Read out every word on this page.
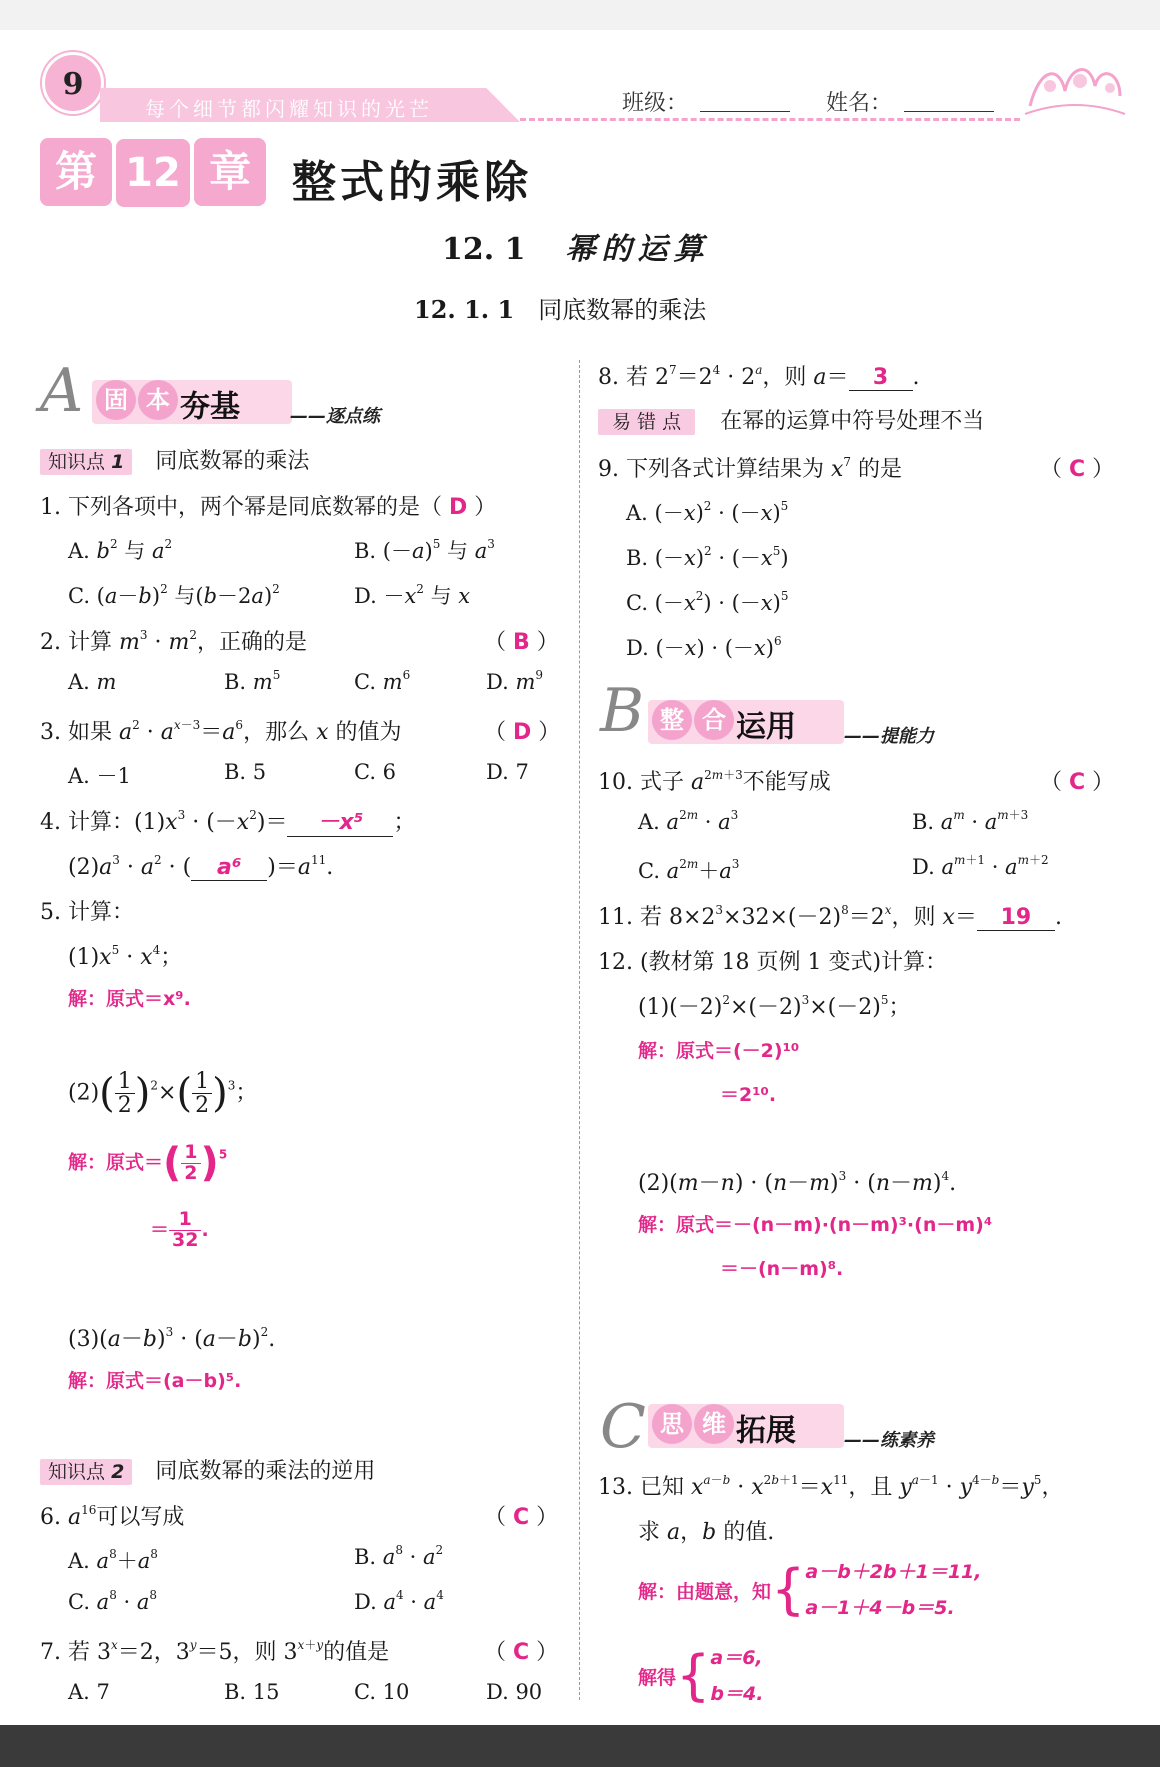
9
每个细节都闪耀知识的光芒	班级：	姓名：
第 12 章 整式的乘除
12. 1 幂的运算
12. 1. 1 同底数幂的乘法
A 固 本 夯基	——逐点练
知识点 1 同底数幂的乘法
1. 下列各项中，两个幂是同底数幂的是（ D ）
A. $b^2$ 与 $a^2$	B. $(-a)^5$ 与 $a^3$
C. $(a-b)^2$ 与$(b-2a)^2$	D. $-x^2$ 与 x
2. 计算 $m^3 \cdot m^2$，正确的是	（ B ）
A. m	B. $m^5$	C. $m^6$	D. $m^9$
3. 如果 $a^2 \cdot a^{x-3}=a^6$，那么 x 的值为	（ D ）
A. －1	B. 5	C. 6	D. 7
4. 计算：$(1)x^3 \cdot (-x^2)= -x^5$ ；
$(2)a^3 \cdot a^2$ · ( a⁶ )$=a^{11}$.
5. 计算：
$(1)x^5 \cdot x^4$；
解：原式＝x⁹.
$(2)( \frac{1}{2} )^2\times( \frac{1}{2} )^3$；
解：原式＝( $\frac{1}{2} )^5$
＝ $\frac{1}{32}$ .
$(3)(a-b)^3 \cdot (a-b)^2$.
解：原式＝(a－b)⁵.
知识点 2 同底数幂的乘法的逆用
6. $a^{16}$可以写成	（ C ）
A. $a^8+a^8$	B. $a^8 \cdot a^2$
C. $a^8 \cdot a^8$	D. $a^4 \cdot a^4$
7. 若 $3^x=2$，$3^y=5$，则 $3^{x+y}$的值是	（ C ）
A. 7	B. 15	C. 10	D. 90
8. 若 $2^7=2^4 \cdot 2^a$，则 a＝ 3 .
易 错 点 在幂的运算中符号处理不当
9. 下列各式计算结果为 $x^7$ 的是	（ C ）
A. $(-x)^2 \cdot (-x)^5$
B. $(-x)^2 \cdot (-x^5)$
C. $(-x^2) \cdot (-x)^5$
D. $(-x) \cdot (-x)^6$
B 整 合 运用	——提能力
10. 式子 $a^{2m+3}$不能写成	（ C ）
A. $a^{2m} \cdot a^3$	B. $a^m \cdot a^{m+3}$
C. $a^{2m}+a^3$	D. $a^{m+1} \cdot a^{m+2}$
11. 若 $8\times 2^3\times 32\times(-2)^8=2^x$，则 x＝ 19 .
12. (教材第 18 页例 1 变式)计算：
$(1)(-2)^2\times(-2)^3\times(-2)^5$；
解：原式＝(－2)¹⁰
＝2¹⁰.
$(2)(m-n) \cdot (n-m)^3 \cdot (n-m)^4$.
解：原式＝－(n－m)·(n－m)³·(n－m)⁴
＝－(n－m)⁸.
C 思 维 拓展	——练素养
13. 已知 $x^{a-b} \cdot x^{2b+1}=x^{11}$，且 $y^{a-1} \cdot y^{4-b}=y^5$，
求 a，b 的值.
解：由题意，知 { a－b＋2b＋1＝11,
a－1＋4－b＝5.
解得 { a＝6,
b＝4.
